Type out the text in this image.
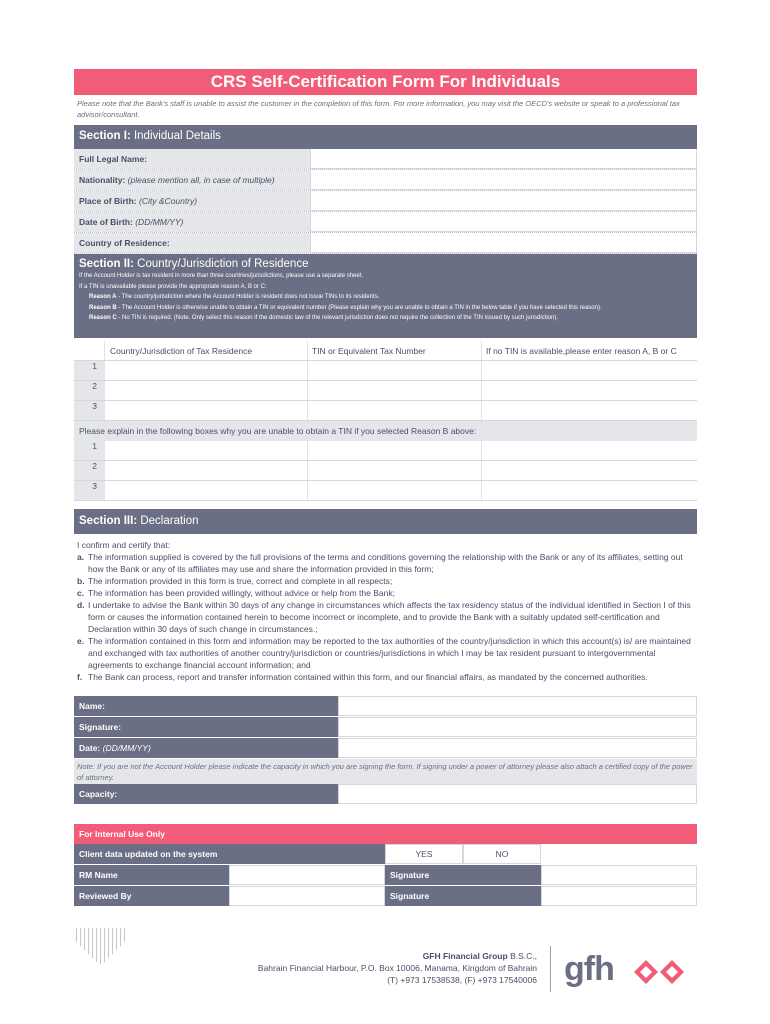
CRS Self-Certification Form For Individuals
Please note that the Bank's staff is unable to assist the customer in the completion of this form. For more information, you may visit the OECD's website or speak to a professional tax advisor/consultant.
Section I: Individual Details
Full Legal Name:
Nationality: (please mention all, in case of multiple)
Place of Birth: (City &Country)
Date of Birth: (DD/MM/YY)
Country of Residence:
Section II: Country/Jurisdiction of Residence
If the Account Holder is tax resident in more than three countries/jurisdictions, please use a separate sheet.
If a TIN is unavailable please provide the appropriate reason A, B or C:
Reason A - The country/jurisdiction where the Account Holder is resident does not issue TINs to its residents.
Reason B - The Account Holder is otherwise unable to obtain a TIN or equivalent number (Please explain why you are unable to obtain a TIN in the below table if you have selected this reason).
Reason C - No TIN is required. (Note. Only select this reason if the domestic law of the relevant jurisdiction does not require the collection of the TIN issued by such jurisdiction).
Country/Jurisdiction of Tax Residence	TIN or Equivalent Tax Number	If no TIN is available,please enter reason A, B or C
1
2
3
Please explain in the following boxes why you are unable to obtain a TIN if you selected Reason B above:
1
2
3
Section III: Declaration
I confirm and certify that:
a. The information supplied is covered by the full provisions of the terms and conditions governing the relationship with the Bank or any of its affiliates, setting out how the Bank or any of its affiliates may use and share the information provided in this form;
b. The information provided in this form is true, correct and complete in all respects;
c. The information has been provided willingly, without advice or help from the Bank;
d. I undertake to advise the Bank within 30 days of any change in circumstances which affects the tax residency status of the individual identified in Section I of this form or causes the information contained herein to become incorrect or incomplete, and to provide the Bank with a suitably updated self-certification and Declaration within 30 days of such change in circumstances.;
e. The information contained in this form and information may be reported to the tax authorities of the country/jurisdiction in which this account(s) is/ are maintained and exchanged with tax authorities of another country/jurisdiction or countries/jurisdictions in which I may be tax resident pursuant to intergovernmental agreements to exchange financial account information; and
f. The Bank can process, report and transfer information contained within this form, and our financial affairs, as mandated by the concerned authorities.
Name:
Signature:
Date: (DD/MM/YY)
Note: If you are not the Account Holder please indicate the capacity in which you are signing the form. If signing under a power of attorney please also attach a certified copy of the power of attorney.
Capacity:
For Internal Use Only
Client data updated on the system	YES	NO
RM Name	Signature
Reviewed By	Signature
GFH Financial Group B.S.C.,
Bahrain Financial Harbour, P.O. Box 10006, Manama, Kingdom of Bahrain
(T) +973 17538538, (F) +973 17540006 gfh
